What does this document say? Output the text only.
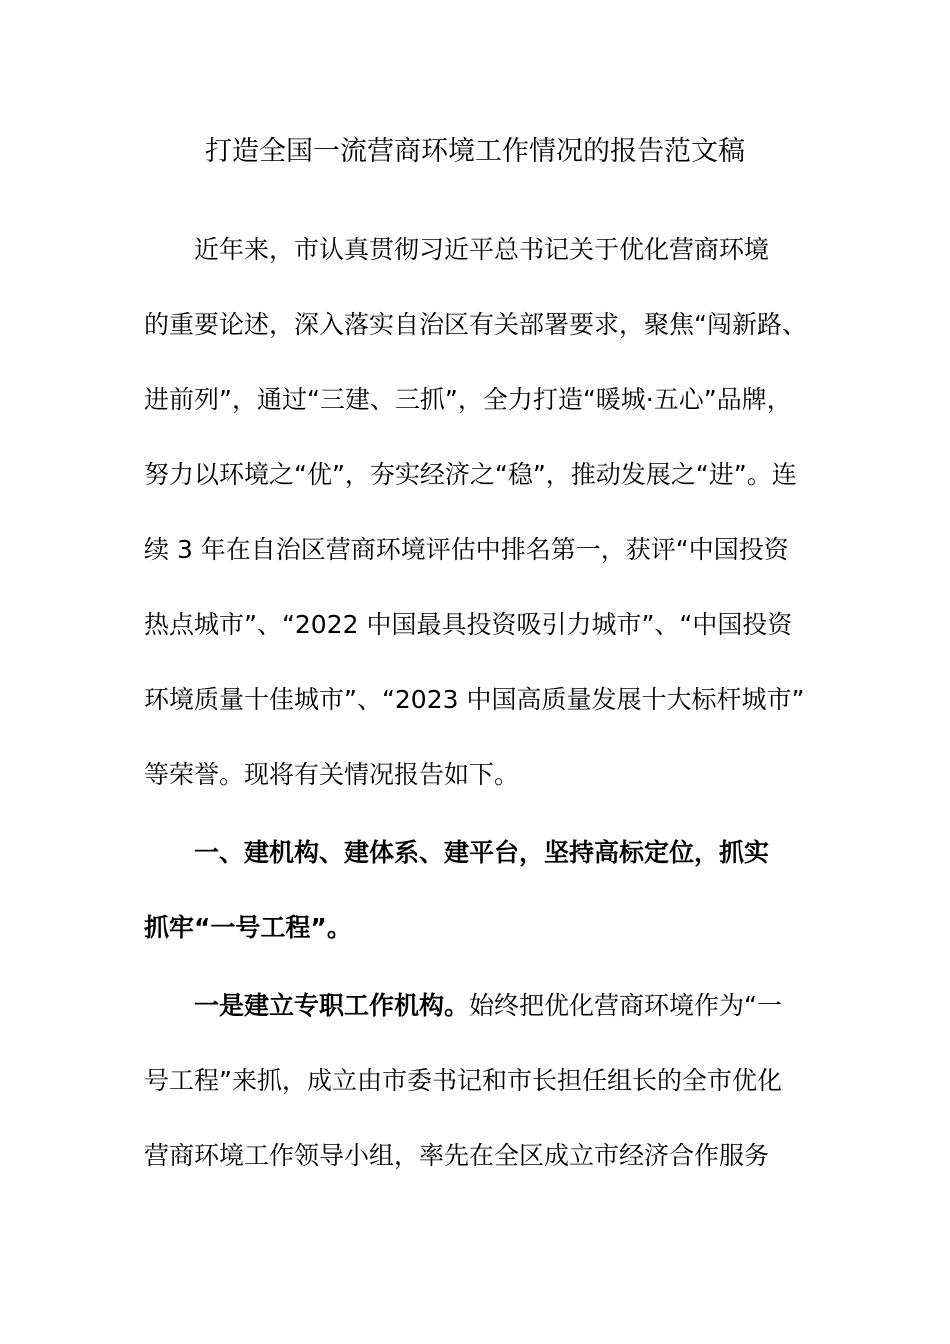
打造全国一流营商环境工作情况的报告范文稿
近年来，市认真贯彻习近平总书记关于优化营商环境
的重要论述，深入落实自治区有关部署要求，聚焦“闯新路、
进前列”，通过“三建、三抓”，全力打造“暖城·五心”品牌，
努力以环境之“优”，夯实经济之“稳”，推动发展之“进”。连
续 3 年在自治区营商环境评估中排名第一，获评“中国投资
热点城市”、“2022 中国最具投资吸引力城市”、“中国投资
环境质量十佳城市”、“2023 中国高质量发展十大标杆城市”
等荣誉。现将有关情况报告如下。
一、建机构、建体系、建平台，坚持高标定位，抓实
抓牢“一号工程”。
一是建立专职工作机构。始终把优化营商环境作为“一
号工程”来抓，成立由市委书记和市长担任组长的全市优化
营商环境工作领导小组，率先在全区成立市经济合作服务
